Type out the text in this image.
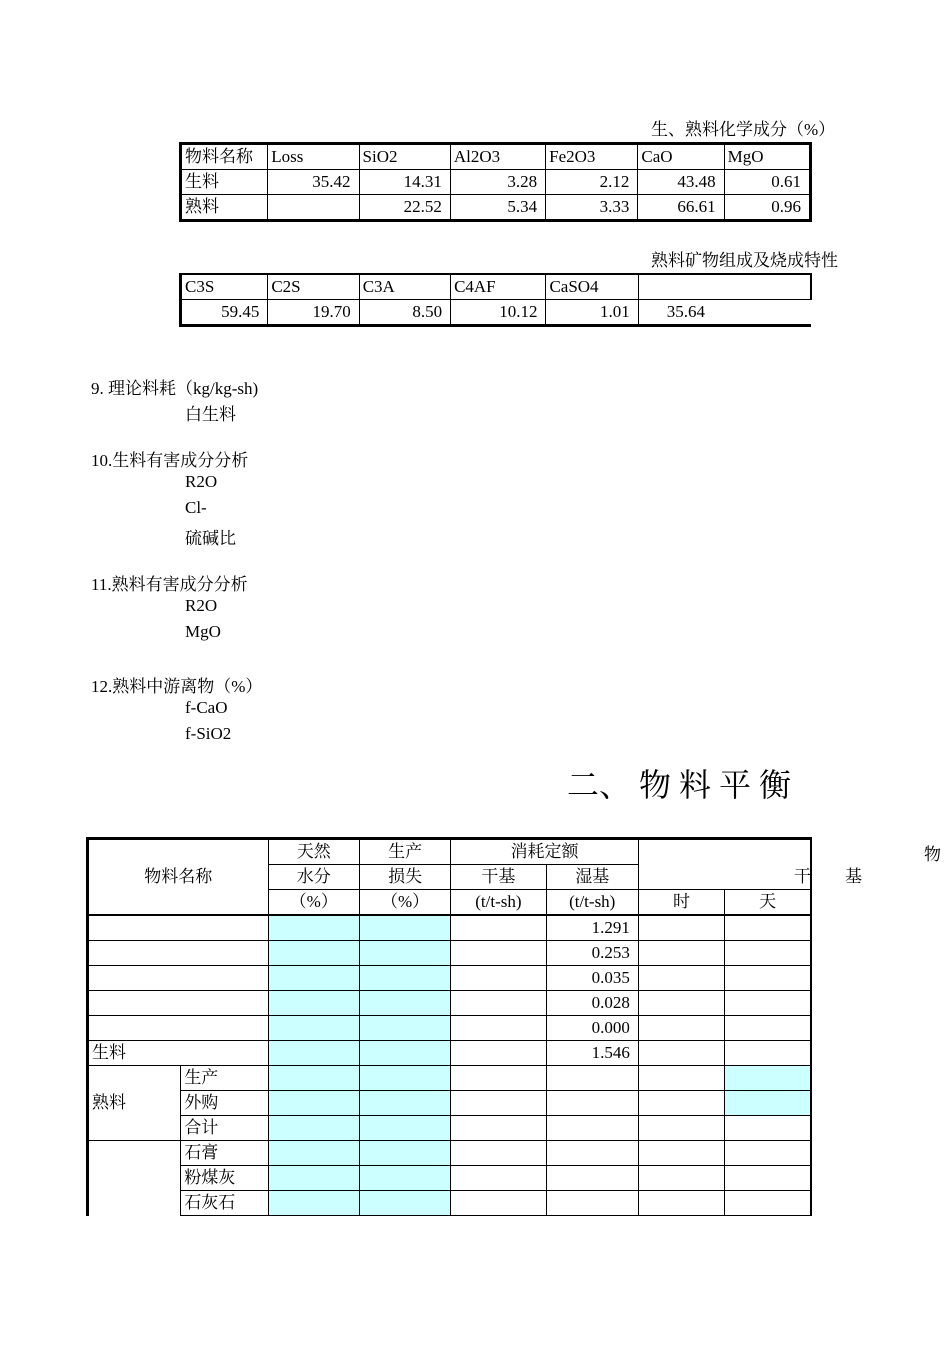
生、熟料化学成分（%）
物料名称	Loss	SiO2	Al2O3	Fe2O3	CaO	MgO
生料	35.42	14.31	3.28	2.12	43.48	0.61
熟料		22.52	5.34	3.33	66.61	0.96
熟料矿物组成及烧成特性
C3S	C2S	C3A	C4AF	CaSO4	
59.45	19.70	8.50	10.12	1.01	35.64
9. 理论料耗（kg/kg-sh)
白生料
10.生料有害成分分析
R2O
Cl-
硫碱比
11.熟料有害成分分析
R2O
MgO
12.熟料中游离物（%）
f-CaO
f-SiO2
二、 物 料 平 衡
物
物料名称		天然	生产	消耗定额			
		水分	损失	干基	湿基	干　　基	
		（%）	（%）	(t/t-sh)	(t/t-sh)	时	天
					1.291		
					0.253		
					0.035		
					0.028		
					0.000		
生料					1.546		
熟料	生产						
	外购						
	合计						
	石膏						
	粉煤灰						
	石灰石						
